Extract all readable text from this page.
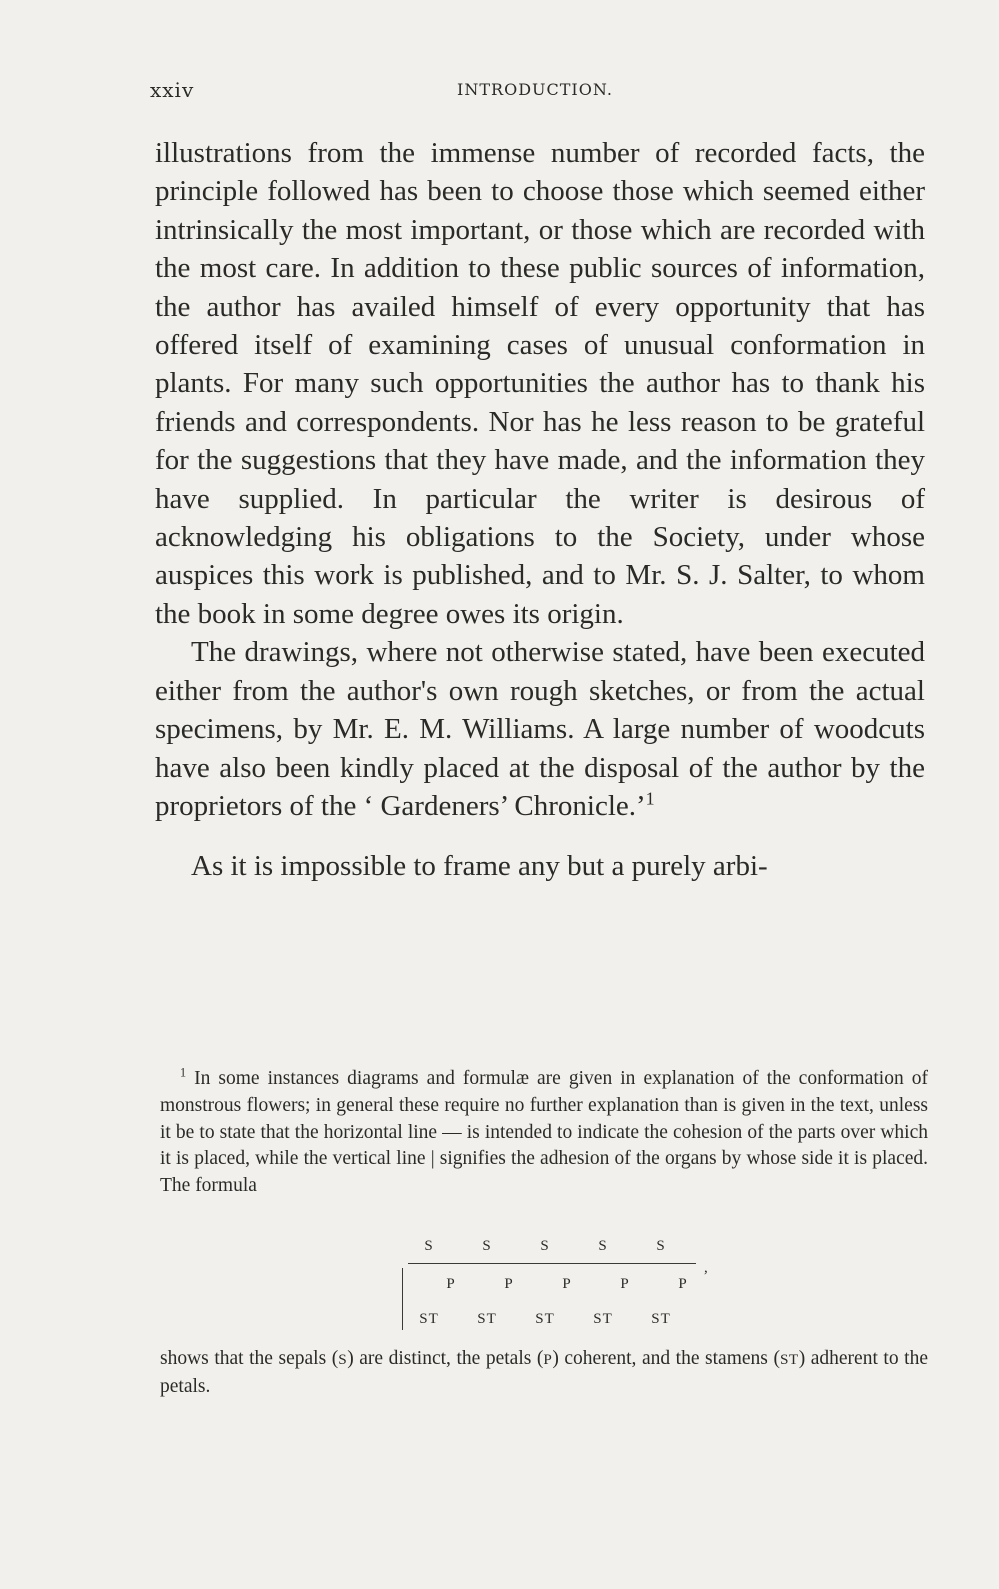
xxiv	INTRODUCTION.

illustrations from the immense number of recorded facts, the principle followed has been to choose those which seemed either intrinsically the most important, or those which are recorded with the most care. In addition to these public sources of information, the author has availed himself of every opportunity that has offered itself of examining cases of unusual conformation in plants. For many such opportunities the author has to thank his friends and correspondents. Nor has he less reason to be grateful for the suggestions that they have made, and the information they have supplied. In particular the writer is desirous of acknowledging his obligations to the Society, under whose auspices this work is published, and to Mr. S. J. Salter, to whom the book in some degree owes its origin.

The drawings, where not otherwise stated, have been executed either from the author's own rough sketches, or from the actual specimens, by Mr. E. M. Williams. A large number of woodcuts have also been kindly placed at the disposal of the author by the proprietors of the ‘ Gardeners’ Chronicle.’$^1$

As it is impossible to frame any but a purely arbi-

$^1$ In some instances diagrams and formulæ are given in explanation of the conformation of monstrous flowers; in general these require no further explanation than is given in the text, unless it be to state that the horizontal line — is intended to indicate the cohesion of the parts over which it is placed, while the vertical line | signifies the adhesion of the organs by whose side it is placed. The formula

S	S	S	S	S
,
P	P	P	P	P
ST	ST	ST	ST	ST

shows that the sepals (S) are distinct, the petals (P) coherent, and the stamens (ST) adherent to the petals.
